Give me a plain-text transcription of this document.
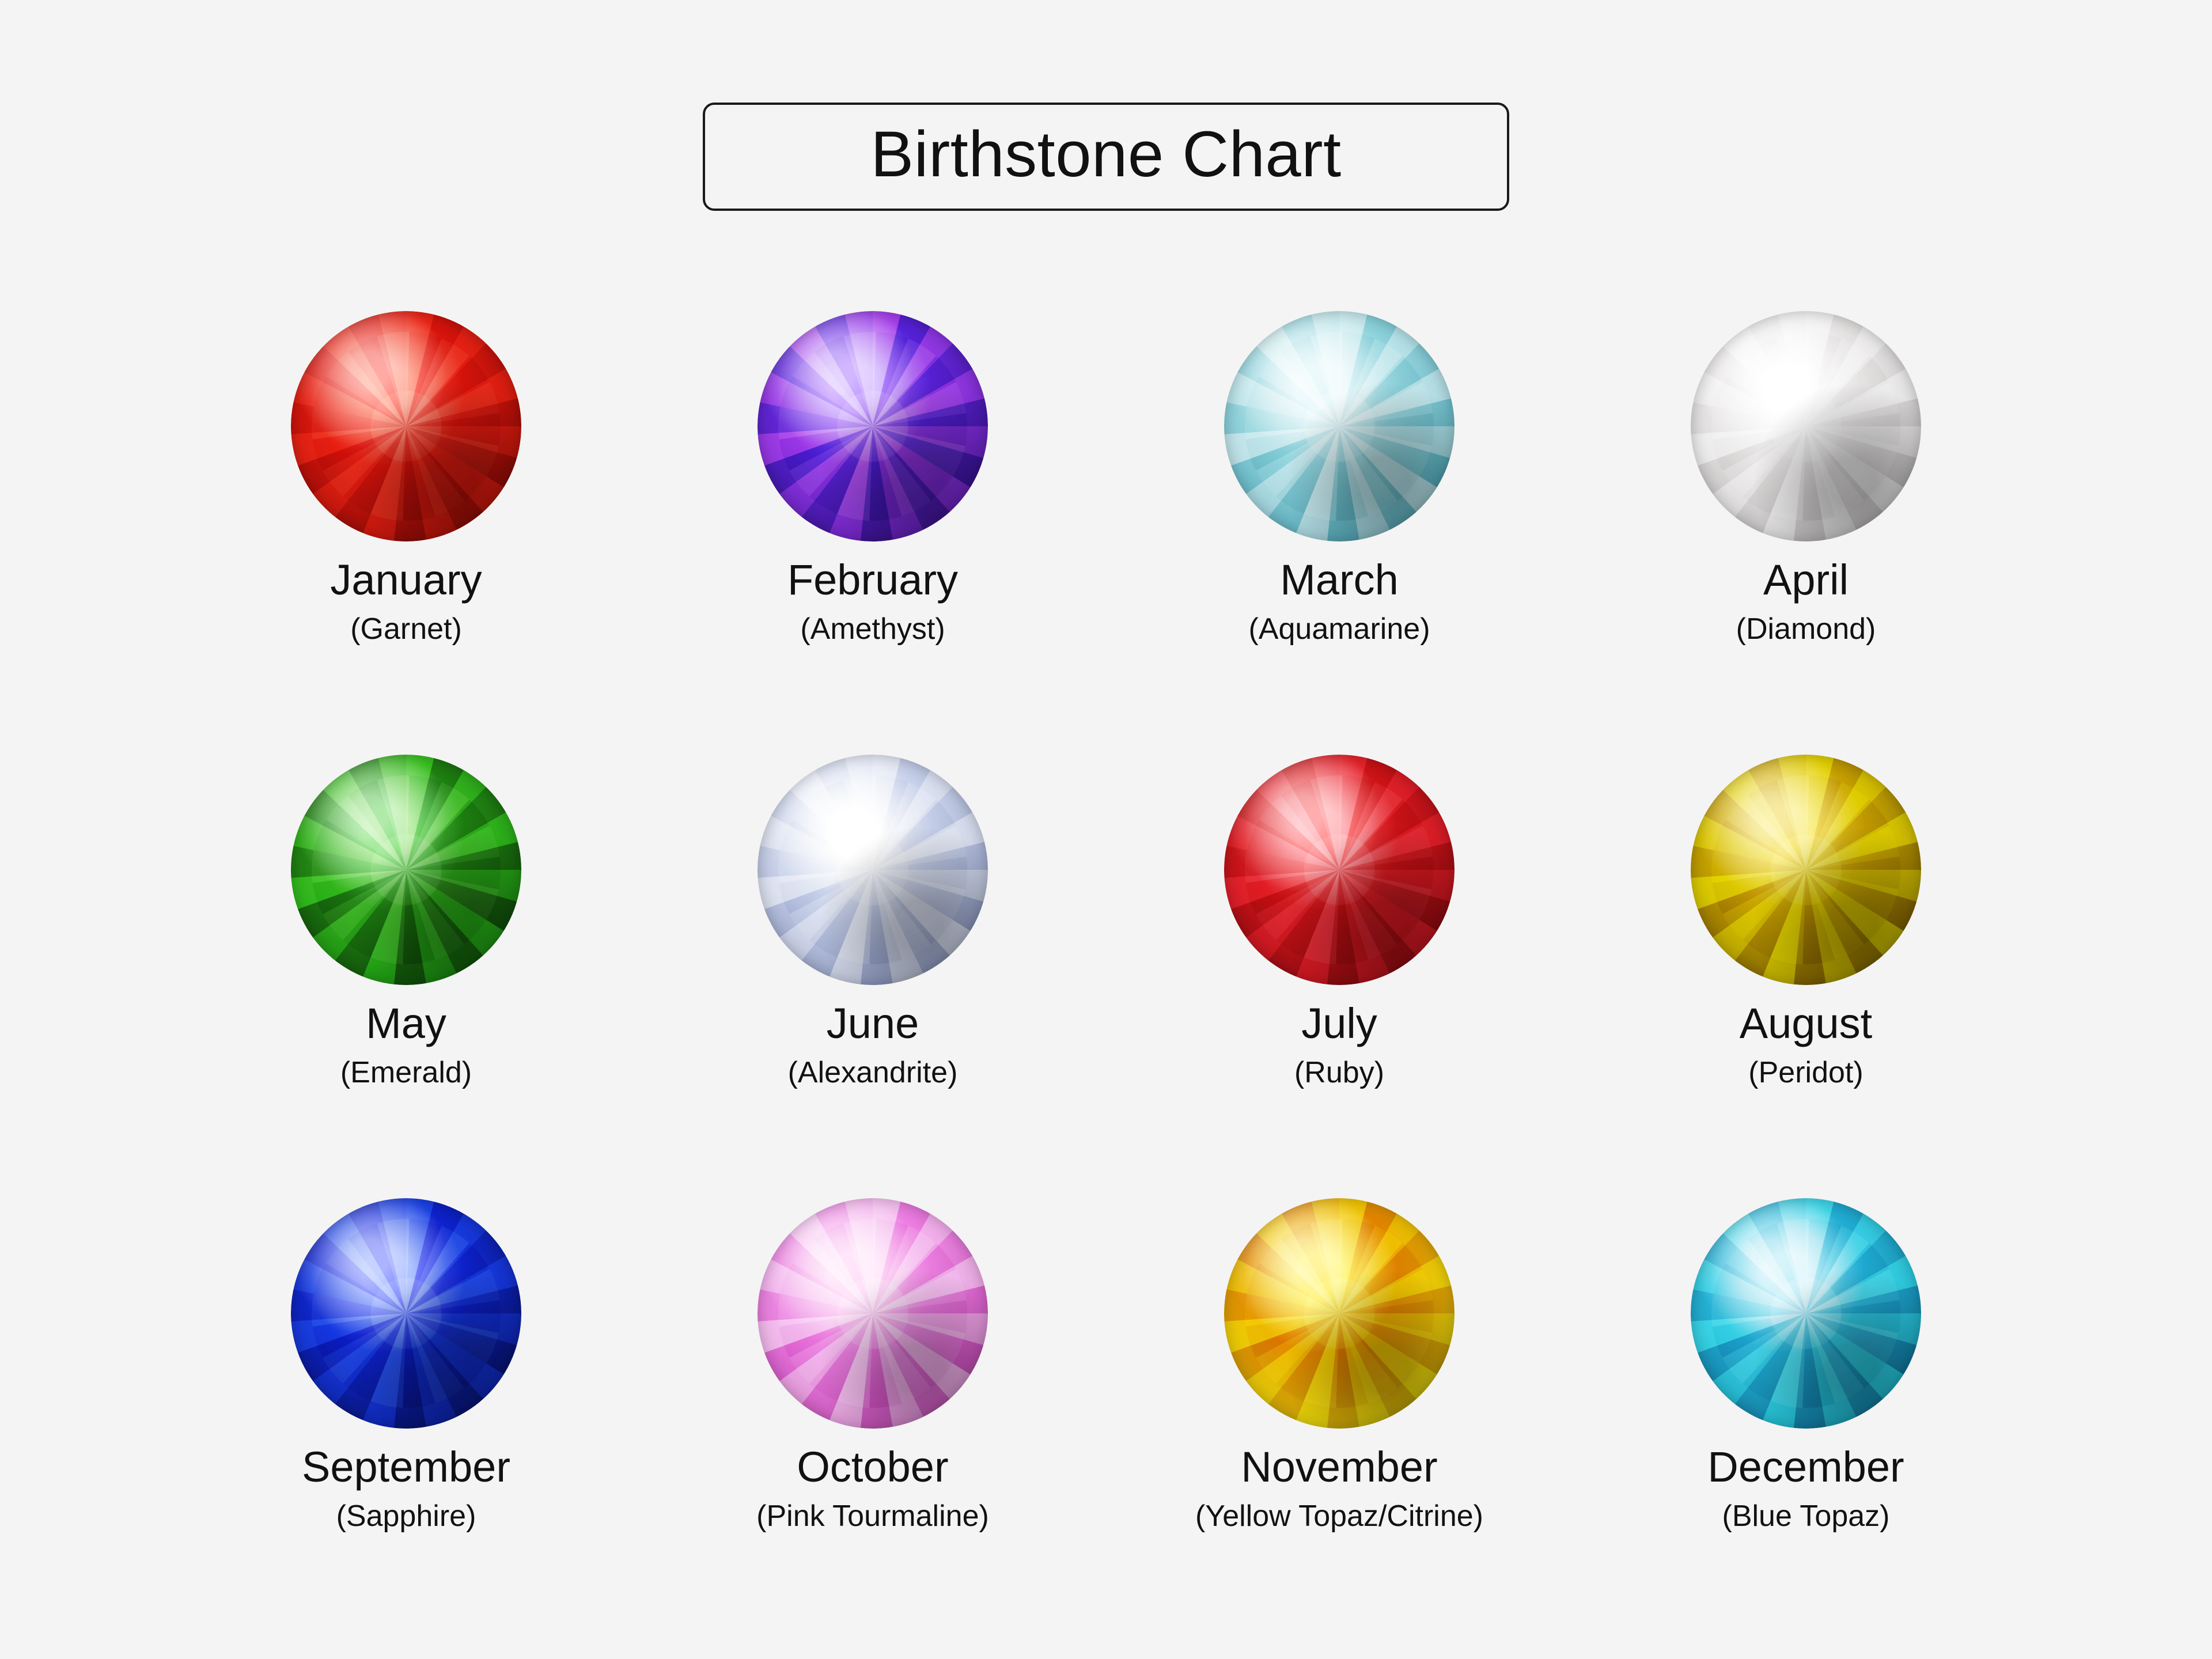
Birthstone Chart
January
(Garnet)
February
(Amethyst)
March
(Aquamarine)
April
(Diamond)
May
(Emerald)
June
(Alexandrite)
July
(Ruby)
August
(Peridot)
September
(Sapphire)
October
(Pink Tourmaline)
November
(Yellow Topaz/Citrine)
December
(Blue Topaz)
